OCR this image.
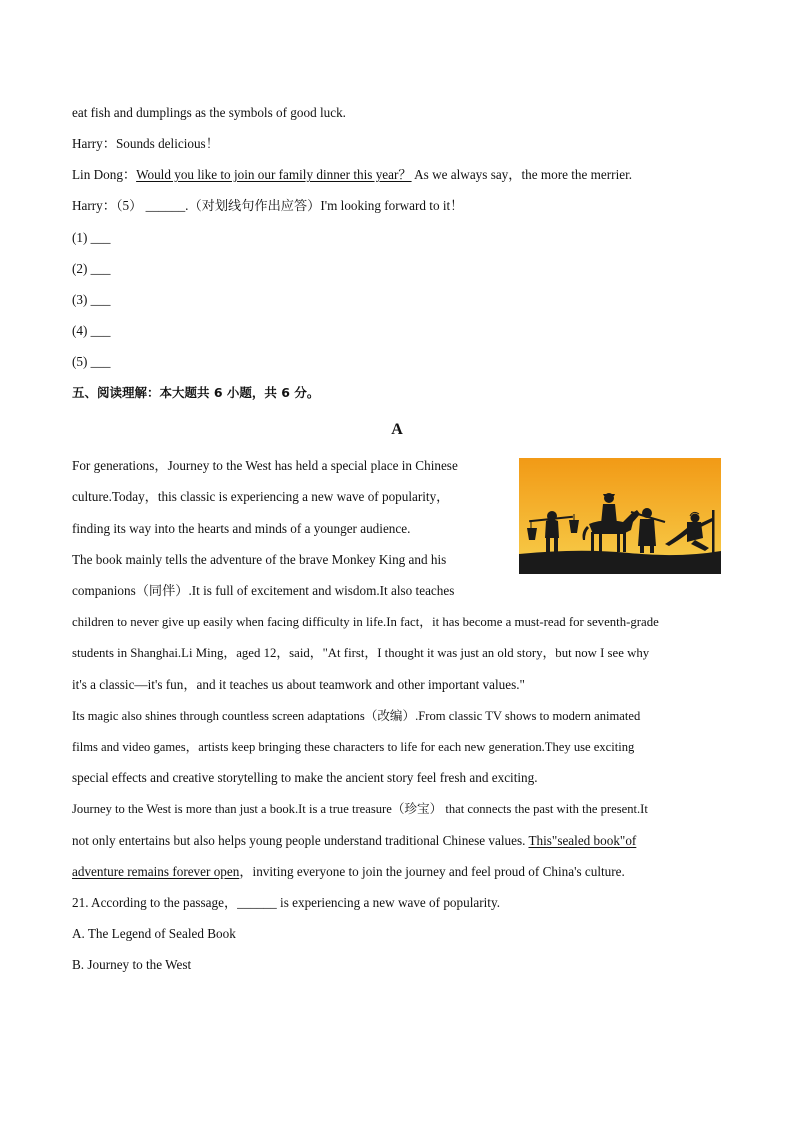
eat fish and dumplings as the symbols of good luck.
Harry：Sounds delicious！
Lin Dong：Would you like to join our family dinner this year？ As we always say，the more the merrier.
Harry：（5） ______.（对划线句作出应答）I'm looking forward to it！
(1) ___
(2) ___
(3) ___
(4) ___
(5) ___
五、阅读理解：本大题共 6 小题，共 6 分。
A
For generations，Journey to the West has held a special place in Chinese
culture.Today，this classic is experiencing a new wave of popularity，
finding its way into the hearts and minds of a younger audience.
The book mainly tells the adventure of the brave Monkey King and his
companions（同伴）.It is full of excitement and wisdom.It also teaches
children to never give up easily when facing difficulty in life.In fact，it has become a must-read for seventh-grade
students in Shanghai.Li Ming，aged 12，said，"At first，I thought it was just an old story，but now I see why
it's a classic—it's fun，and it teaches us about teamwork and other important values."
Its magic also shines through countless screen adaptations（改编）.From classic TV shows to modern animated
films and video games，artists keep bringing these characters to life for each new generation.They use exciting
special effects and creative storytelling to make the ancient story feel fresh and exciting.
Journey to the West is more than just a book.It is a true treasure（珍宝） that connects the past with the present.It
not only entertains but also helps young people understand traditional Chinese values. This"sealed book"of
adventure remains forever open，inviting everyone to join the journey and feel proud of China's culture.
21. According to the passage，______ is experiencing a new wave of popularity.
A. The Legend of Sealed Book
B. Journey to the West
